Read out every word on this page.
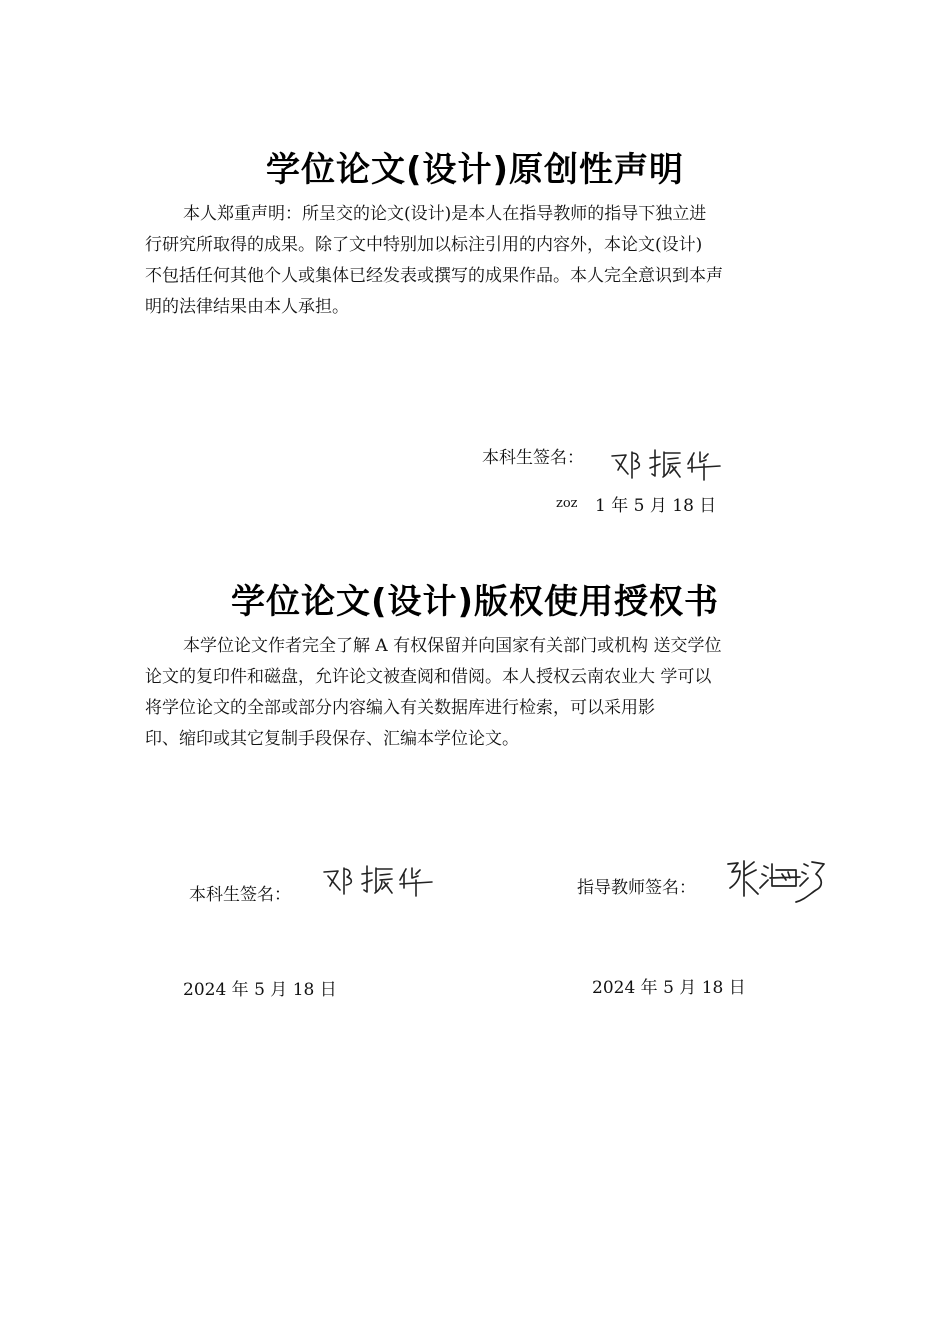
学位论文(设计)原创性声明
本人郑重声明：所呈交的论文(设计)是本人在指导教师的指导下独立进
行研究所取得的成果。除了文中特别加以标注引用的内容外，本论文(设计)
不包括任何其他个人或集体已经发表或撰写的成果作品。本人完全意识到本声
明的法律结果由本人承担。
本科生签名：
zoz 1 年 5 月 18 日
学位论文(设计)版权使用授权书
本学位论文作者完全了解 A 有权保留并向国家有关部门或机构 送交学位
论文的复印件和磁盘，允许论文被查阅和借阅。本人授权云南农业大 学可以
将学位论文的全部或部分内容编入有关数据库进行检索，可以采用影
印、缩印或其它复制手段保存、汇编本学位论文。
本科生签名：	指导教师签名：
2024 年 5 月 18 日	2024 年 5 月 18 日
